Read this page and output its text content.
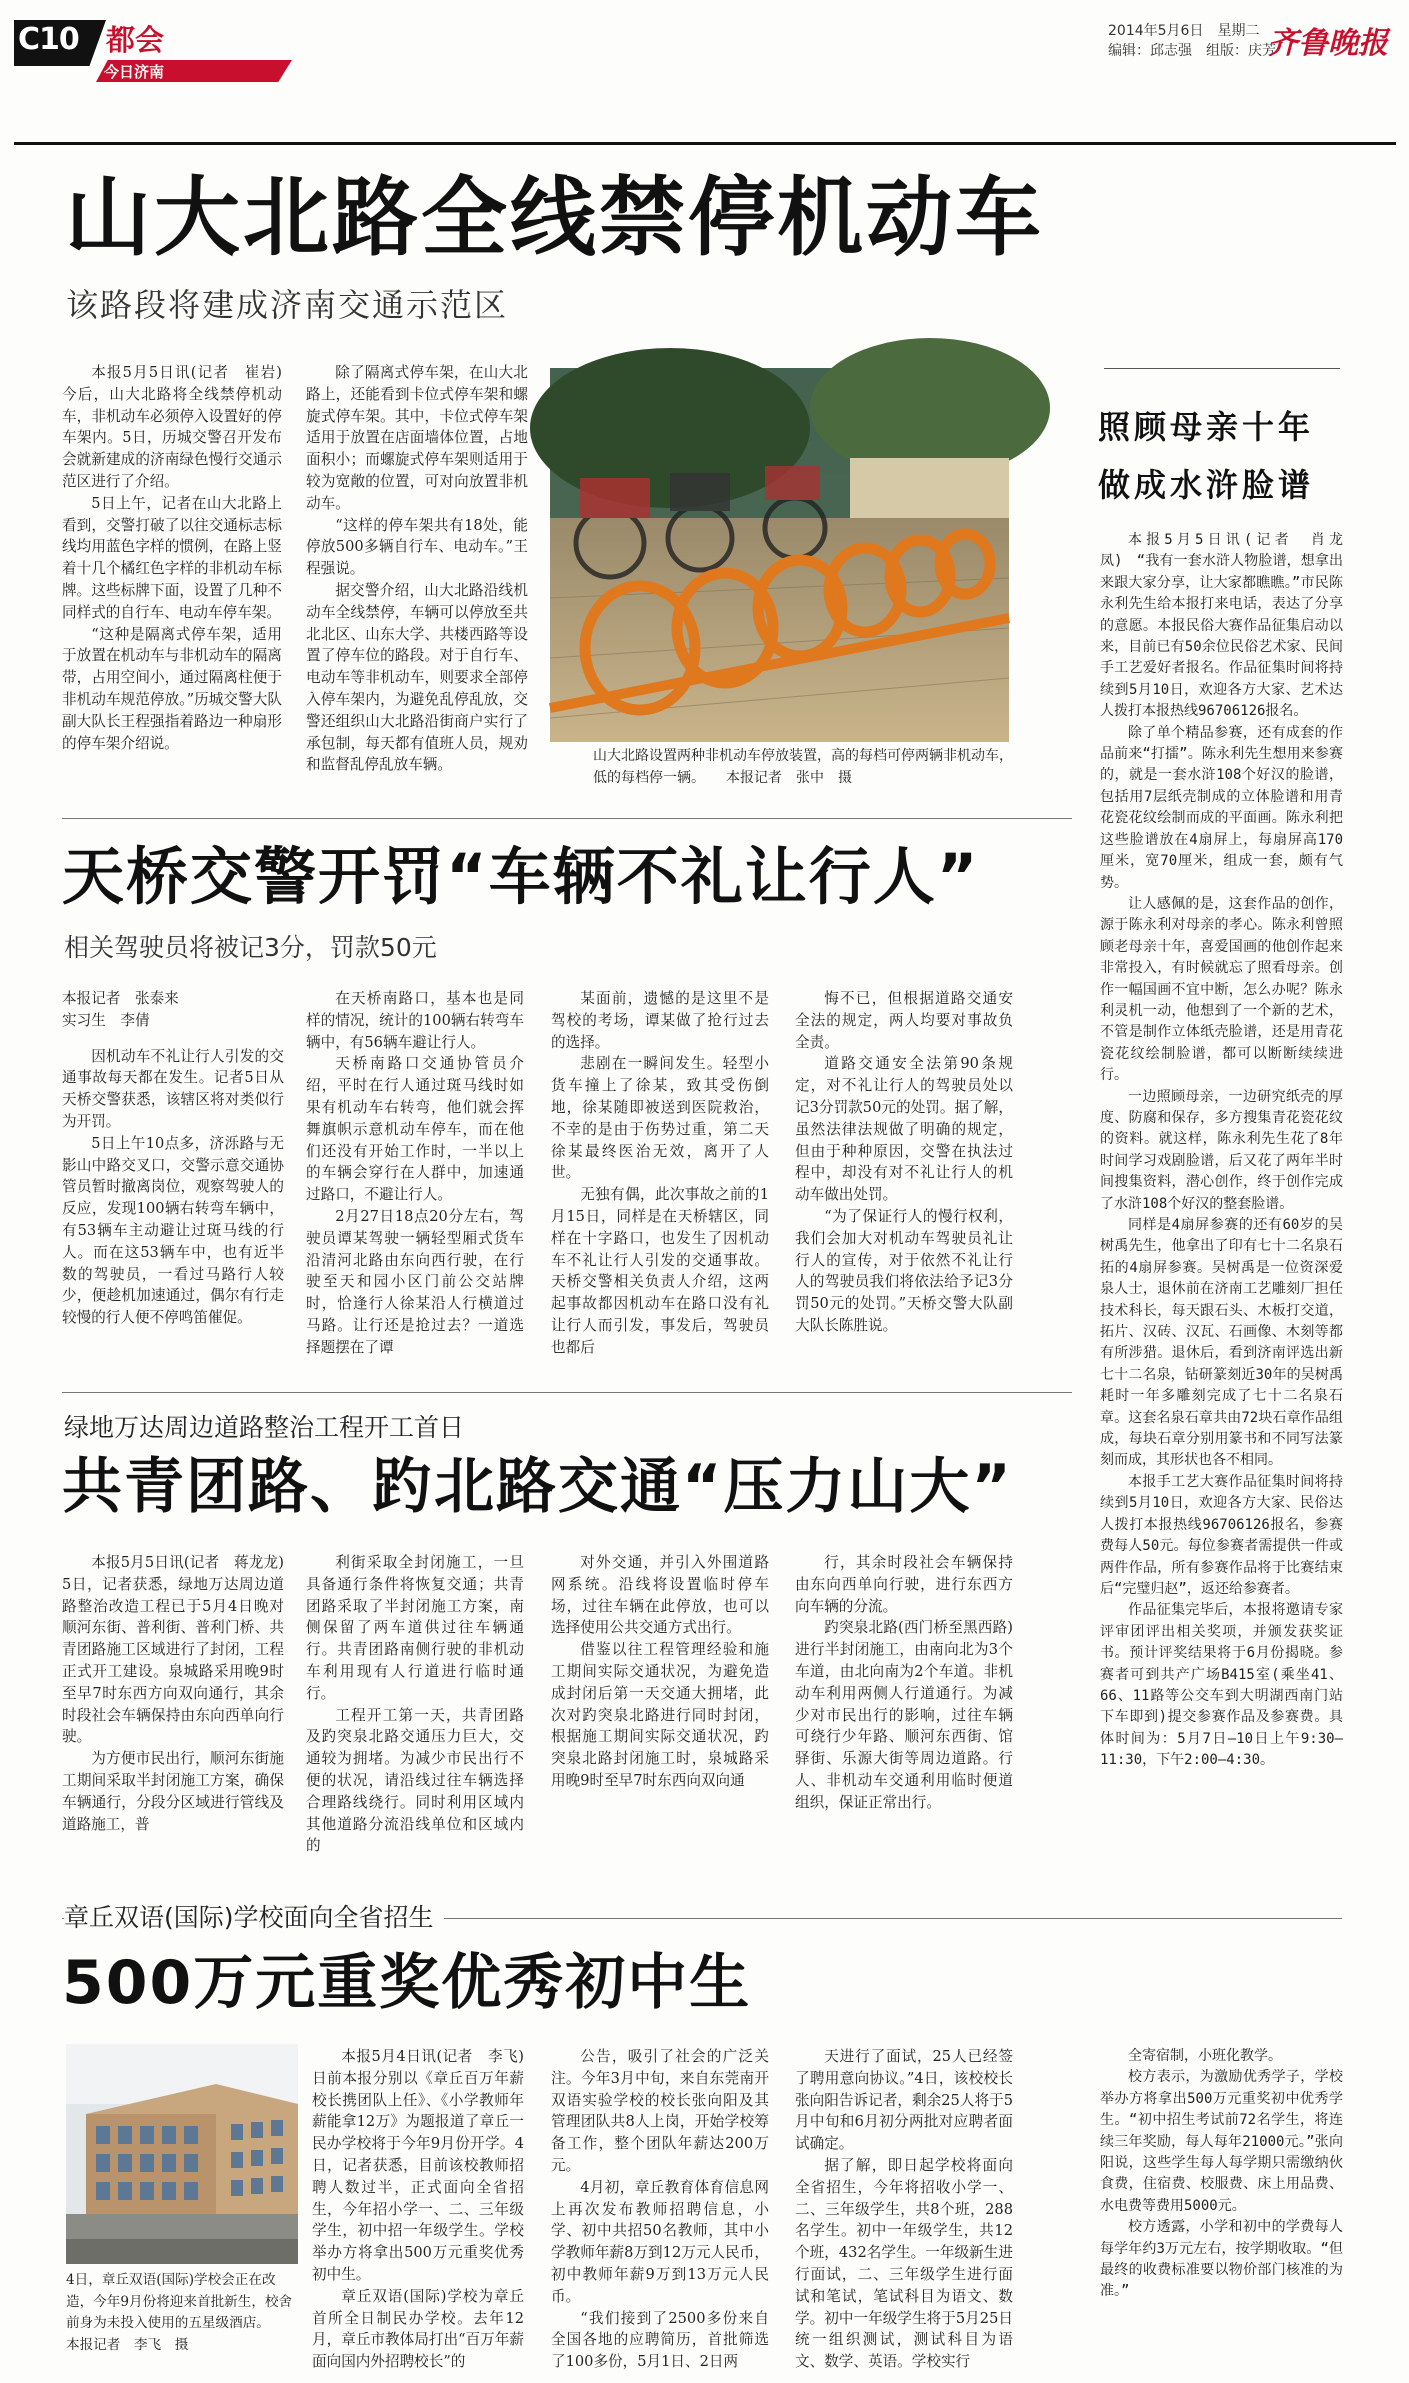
C10 都会
今日济南
2014年5月6日　星期二
编辑：邱志强　组版：庆芳
齐鲁晚报
山大北路全线禁停机动车
该路段将建成济南交通示范区

本报5月5日讯(记者　崔岩)　今后，山大北路将全线禁停机动车，非机动车必须停入设置好的停车架内。5日，历城交警召开发布会就新建成的济南绿色慢行交通示范区进行了介绍。

5日上午，记者在山大北路上看到，交警打破了以往交通标志标线均用蓝色字样的惯例，在路上竖着十几个橘红色字样的非机动车标牌。这些标牌下面，设置了几种不同样式的自行车、电动车停车架。

“这种是隔离式停车架，适用于放置在机动车与非机动车的隔离带，占用空间小，通过隔离柱便于非机动车规范停放。”历城交警大队副大队长王程强指着路边一种扇形的停车架介绍说。

除了隔离式停车架，在山大北路上，还能看到卡位式停车架和螺旋式停车架。其中，卡位式停车架适用于放置在店面墙体位置，占地面积小；而螺旋式停车架则适用于较为宽敞的位置，可对向放置非机动车。

“这样的停车架共有18处，能停放500多辆自行车、电动车。”王程强说。

据交警介绍，山大北路沿线机动车全线禁停，车辆可以停放至共北北区、山东大学、共楼西路等设置了停车位的路段。对于自行车、电动车等非机动车，则要求全部停入停车架内，为避免乱停乱放，交警还组织山大北路沿街商户实行了承包制，每天都有值班人员，规劝和监督乱停乱放车辆。

山大北路设置两种非机动车停放装置，高的每档可停两辆非机动车，低的每档停一辆。　　本报记者　张中　摄
照顾母亲十年
做成水浒脸谱

本报5月5日讯(记者　肖龙凤)　“我有一套水浒人物脸谱，想拿出来跟大家分享，让大家都瞧瞧。”市民陈永利先生给本报打来电话，表达了分享的意愿。本报民俗大赛作品征集启动以来，目前已有50余位民俗艺术家、民间手工艺爱好者报名。作品征集时间将持续到5月10日，欢迎各方大家、艺术达人拨打本报热线96706126报名。

除了单个精品参赛，还有成套的作品前来“打擂”。陈永利先生想用来参赛的，就是一套水浒108个好汉的脸谱，包括用7层纸壳制成的立体脸谱和用青花瓷花纹绘制而成的平面画。陈永利把这些脸谱放在4扇屏上，每扇屏高170厘米，宽70厘米，组成一套，颇有气势。

让人感佩的是，这套作品的创作，源于陈永利对母亲的孝心。陈永利曾照顾老母亲十年，喜爱国画的他创作起来非常投入，有时候就忘了照看母亲。创作一幅国画不宜中断，怎么办呢？陈永利灵机一动，他想到了一个新的艺术，不管是制作立体纸壳脸谱，还是用青花瓷花纹绘制脸谱，都可以断断续续进行。

一边照顾母亲，一边研究纸壳的厚度、防腐和保存，多方搜集青花瓷花纹的资料。就这样，陈永利先生花了8年时间学习戏剧脸谱，后又花了两年半时间搜集资料，潜心创作，终于创作完成了水浒108个好汉的整套脸谱。

同样是4扇屏参赛的还有60岁的吴树禹先生，他拿出了印有七十二名泉石拓的4扇屏参赛。吴树禹是一位资深爱泉人士，退休前在济南工艺雕刻厂担任技术科长，每天跟石头、木板打交道，拓片、汉砖、汉瓦、石画像、木刻等都有所涉猎。退休后，看到济南评选出新七十二名泉，钻研篆刻近30年的吴树禹耗时一年多雕刻完成了七十二名泉石章。这套名泉石章共由72块石章作品组成，每块石章分别用篆书和不同写法篆刻而成，其形状也各不相同。

本报手工艺大赛作品征集时间将持续到5月10日，欢迎各方大家、民俗达人拨打本报热线96706126报名，参赛费每人50元。每位参赛者需提供一件或两件作品，所有参赛作品将于比赛结束后“完璧归赵”，返还给参赛者。

作品征集完毕后，本报将邀请专家评审团评出相关奖项，并颁发获奖证书。预计评奖结果将于6月份揭晓。参赛者可到共产广场B415室(乘坐41、66、11路等公交车到大明湖西南门站下车即到)提交参赛作品及参赛费。具体时间为：5月7日—10日上午9:30—11:30，下午2:00—4:30。

天桥交警开罚“车辆不礼让行人”
相关驾驶员将被记3分，罚款50元
本报记者　张泰来
实习生　李倩

因机动车不礼让行人引发的交通事故每天都在发生。记者5日从天桥交警获悉，该辖区将对类似行为开罚。

5日上午10点多，济泺路与无影山中路交叉口，交警示意交通协管员暂时撤离岗位，观察驾驶人的反应，发现100辆右转弯车辆中，有53辆车主动避让过斑马线的行人。而在这53辆车中，也有近半数的驾驶员，一看过马路行人较少，便趁机加速通过，偶尔有行走较慢的行人便不停鸣笛催促。

在天桥南路口，基本也是同样的情况，统计的100辆右转弯车辆中，有56辆车避让行人。

天桥南路口交通协管员介绍，平时在行人通过斑马线时如果有机动车右转弯，他们就会挥舞旗帜示意机动车停车，而在他们还没有开始工作时，一半以上的车辆会穿行在人群中，加速通过路口，不避让行人。

2月27日18点20分左右，驾驶员谭某驾驶一辆轻型厢式货车沿清河北路由东向西行驶，在行驶至天和园小区门前公交站牌时，恰逢行人徐某沿人行横道过马路。让行还是抢过去？一道选择题摆在了谭

某面前，遗憾的是这里不是驾校的考场，谭某做了抢行过去的选择。

悲剧在一瞬间发生。轻型小货车撞上了徐某，致其受伤倒地，徐某随即被送到医院救治，不幸的是由于伤势过重，第二天徐某最终医治无效，离开了人世。

无独有偶，此次事故之前的1月15日，同样是在天桥辖区，同样在十字路口，也发生了因机动车不礼让行人引发的交通事故。天桥交警相关负责人介绍，这两起事故都因机动车在路口没有礼让行人而引发，事发后，驾驶员也都后

悔不已，但根据道路交通安全法的规定，两人均要对事故负全责。

道路交通安全法第90条规定，对不礼让行人的驾驶员处以记3分罚款50元的处罚。据了解，虽然法律法规做了明确的规定，但由于种种原因，交警在执法过程中，却没有对不礼让行人的机动车做出处罚。

“为了保证行人的慢行权利，我们会加大对机动车驾驶员礼让行人的宣传，对于依然不礼让行人的驾驶员我们将依法给予记3分罚50元的处罚。”天桥交警大队副大队长陈胜说。

绿地万达周边道路整治工程开工首日
共青团路、趵北路交通“压力山大”

本报5月5日讯(记者　蒋龙龙)　5日，记者获悉，绿地万达周边道路整治改造工程已于5月4日晚对顺河东街、普利街、普利门桥、共青团路施工区域进行了封闭，工程正式开工建设。泉城路采用晚9时至早7时东西方向双向通行，其余时段社会车辆保持由东向西单向行驶。

为方便市民出行，顺河东街施工期间采取半封闭施工方案，确保车辆通行，分段分区域进行管线及道路施工，普

利街采取全封闭施工，一旦具备通行条件将恢复交通；共青团路采取了半封闭施工方案，南侧保留了两车道供过往车辆通行。共青团路南侧行驶的非机动车利用现有人行道进行临时通行。

工程开工第一天，共青团路及趵突泉北路交通压力巨大，交通较为拥堵。为减少市民出行不便的状况，请沿线过往车辆选择合理路线绕行。同时利用区域内其他道路分流沿线单位和区域内的

对外交通，并引入外围道路网系统。沿线将设置临时停车场，过往车辆在此停放，也可以选择使用公共交通方式出行。

借鉴以往工程管理经验和施工期间实际交通状况，为避免造成封闭后第一天交通大拥堵，此次对趵突泉北路进行同时封闭，根据施工期间实际交通状况，趵突泉北路封闭施工时，泉城路采用晚9时至早7时东西向双向通

行，其余时段社会车辆保持由东向西单向行驶，进行东西方向车辆的分流。

趵突泉北路(西门桥至黑西路)进行半封闭施工，由南向北为3个车道，由北向南为2个车道。非机动车利用两侧人行道通行。为减少对市民出行的影响，过往车辆可绕行少年路、顺河东西街、馆驿街、乐源大街等周边道路。行人、非机动车交通利用临时便道组织，保证正常出行。

章丘双语(国际)学校面向全省招生
500万元重奖优秀初中生
4日，章丘双语(国际)学校会正在改造，今年9月份将迎来首批新生，校舍前身为未投入使用的五星级酒店。　　本报记者　李飞　摄

本报5月4日讯(记者　李飞)　日前本报分别以《章丘百万年薪校长携团队上任》、《小学教师年薪能拿12万》为题报道了章丘一民办学校将于今年9月份开学。4日，记者获悉，目前该校教师招聘人数过半，正式面向全省招生，今年招小学一、二、三年级学生，初中招一年级学生。学校举办方将拿出500万元重奖优秀初中生。

章丘双语(国际)学校为章丘首所全日制民办学校。去年12月，章丘市教体局打出“百万年薪面向国内外招聘校长”的

公告，吸引了社会的广泛关注。今年3月中旬，来自东莞南开双语实验学校的校长张向阳及其管理团队共8人上岗，开始学校筹备工作，整个团队年薪达200万元。

4月初，章丘教育体育信息网上再次发布教师招聘信息，小学、初中共招50名教师，其中小学教师年薪8万到12万元人民币，初中教师年薪9万到13万元人民币。

“我们接到了2500多份来自全国各地的应聘简历，首批筛选了100多份，5月1日、2日两

天进行了面试，25人已经签了聘用意向协议。”4日，该校校长张向阳告诉记者，剩余25人将于5月中旬和6月初分两批对应聘者面试确定。

据了解，即日起学校将面向全省招生，今年将招收小学一、二、三年级学生，共8个班，288名学生。初中一年级学生，共12个班，432名学生。一年级新生进行面试，二、三年级学生进行面试和笔试，笔试科目为语文、数学。初中一年级学生将于5月25日统一组织测试，测试科目为语文、数学、英语。学校实行

全寄宿制，小班化教学。

校方表示，为激励优秀学子，学校举办方将拿出500万元重奖初中优秀学生。“初中招生考试前72名学生，将连续三年奖励，每人每年21000元。”张向阳说，这些学生每人每学期只需缴纳伙食费，住宿费、校服费、床上用品费、水电费等费用5000元。

校方透露，小学和初中的学费每人每学年约3万元左右，按学期收取。“但最终的收费标准要以物价部门核准的为准。”
